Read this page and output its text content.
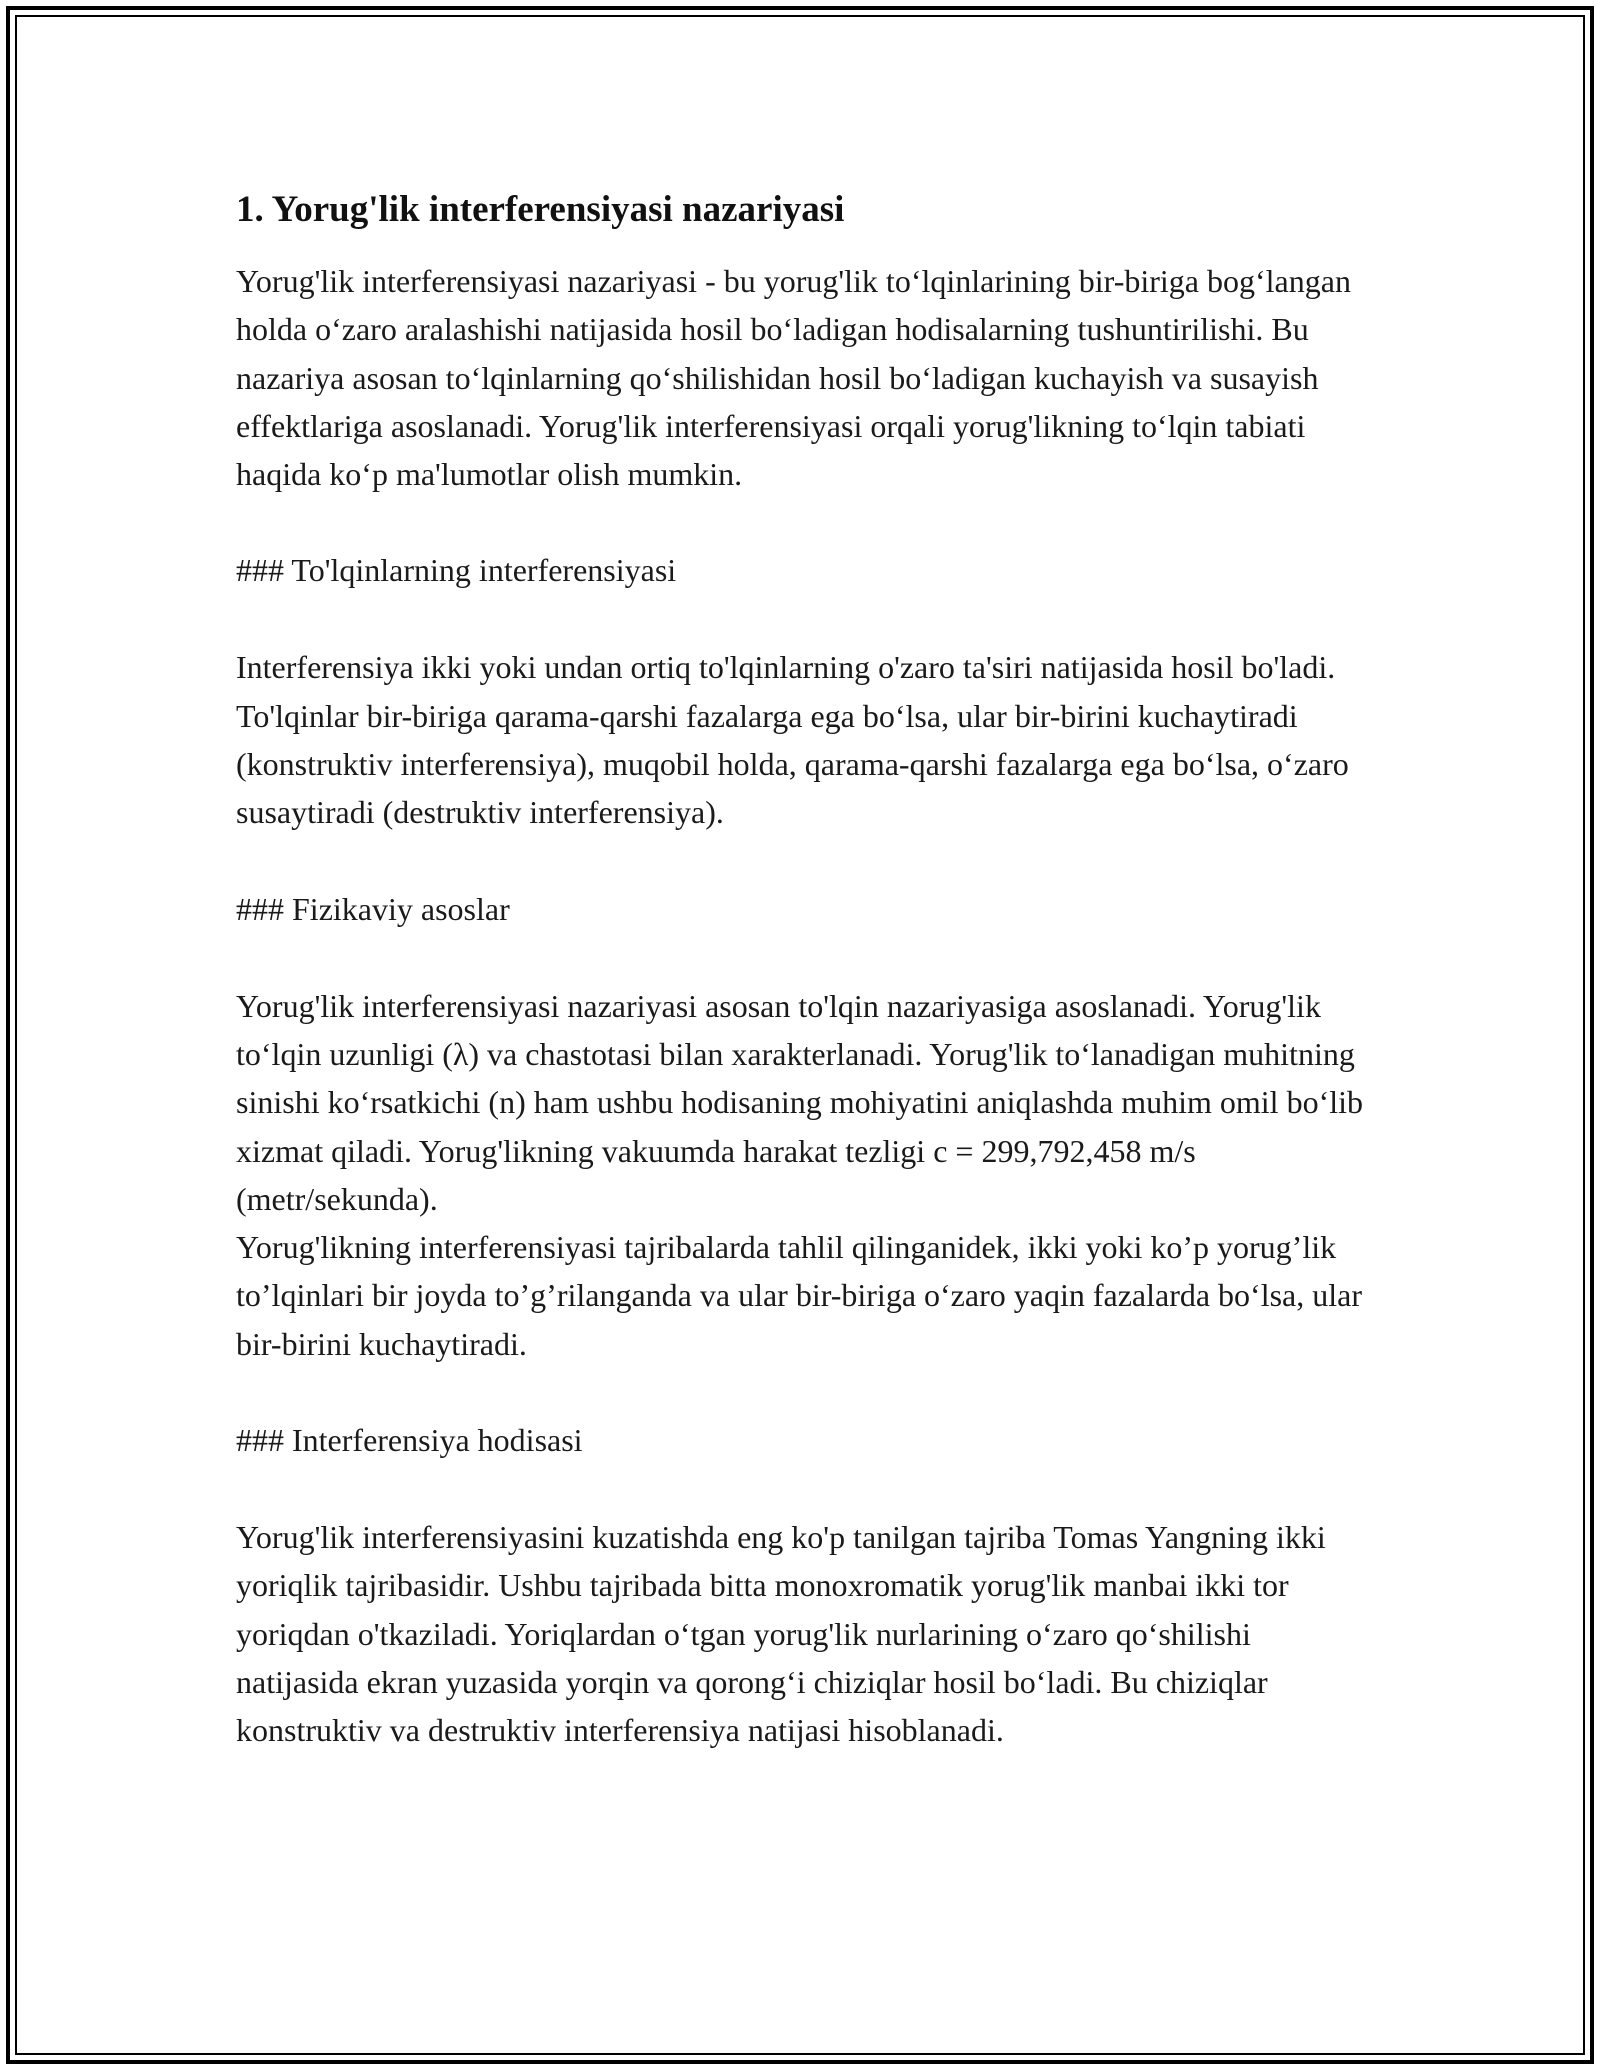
1. Yorug'lik interferensiyasi nazariyasi

Yorug'lik interferensiyasi nazariyasi - bu yorug'lik to‘lqinlarining bir-biriga bog‘langan holda o‘zaro aralashishi natijasida hosil bo‘ladigan hodisalarning tushuntirilishi. Bu nazariya asosan to‘lqinlarning qo‘shilishidan hosil bo‘ladigan kuchayish va susayish effektlariga asoslanadi. Yorug'lik interferensiyasi orqali yorug'likning to‘lqin tabiati haqida ko‘p ma'lumotlar olish mumkin.

### To'lqinlarning interferensiyasi

Interferensiya ikki yoki undan ortiq to'lqinlarning o'zaro ta'siri natijasida hosil bo'ladi. To'lqinlar bir-biriga qarama-qarshi fazalarga ega bo‘lsa, ular bir-birini kuchaytiradi (konstruktiv interferensiya), muqobil holda, qarama-qarshi fazalarga ega bo‘lsa, o‘zaro susaytiradi (destruktiv interferensiya).

### Fizikaviy asoslar

Yorug'lik interferensiyasi nazariyasi asosan to'lqin nazariyasiga asoslanadi. Yorug'lik to‘lqin uzunligi (λ) va chastotasi bilan xarakterlanadi. Yorug'lik to‘lanadigan muhitning sinishi ko‘rsatkichi (n) ham ushbu hodisaning mohiyatini aniqlashda muhim omil bo‘lib xizmat qiladi. Yorug'likning vakuumda harakat tezligi c = 299,792,458 m/s (metr/sekunda).

Yorug'likning interferensiyasi tajribalarda tahlil qilinganidek, ikki yoki ko’p yorug’lik to’lqinlari bir joyda to’g’rilanganda va ular bir-biriga o‘zaro yaqin fazalarda bo‘lsa, ular bir-birini kuchaytiradi.

### Interferensiya hodisasi

Yorug'lik interferensiyasini kuzatishda eng ko'p tanilgan tajriba Tomas Yangning ikki yoriqlik tajribasidir. Ushbu tajribada bitta monoxromatik yorug'lik manbai ikki tor yoriqdan o'tkaziladi. Yoriqlardan o‘tgan yorug'lik nurlarining o‘zaro qo‘shilishi natijasida ekran yuzasida yorqin va qorong‘i chiziqlar hosil bo‘ladi. Bu chiziqlar konstruktiv va destruktiv interferensiya natijasi hisoblanadi.
